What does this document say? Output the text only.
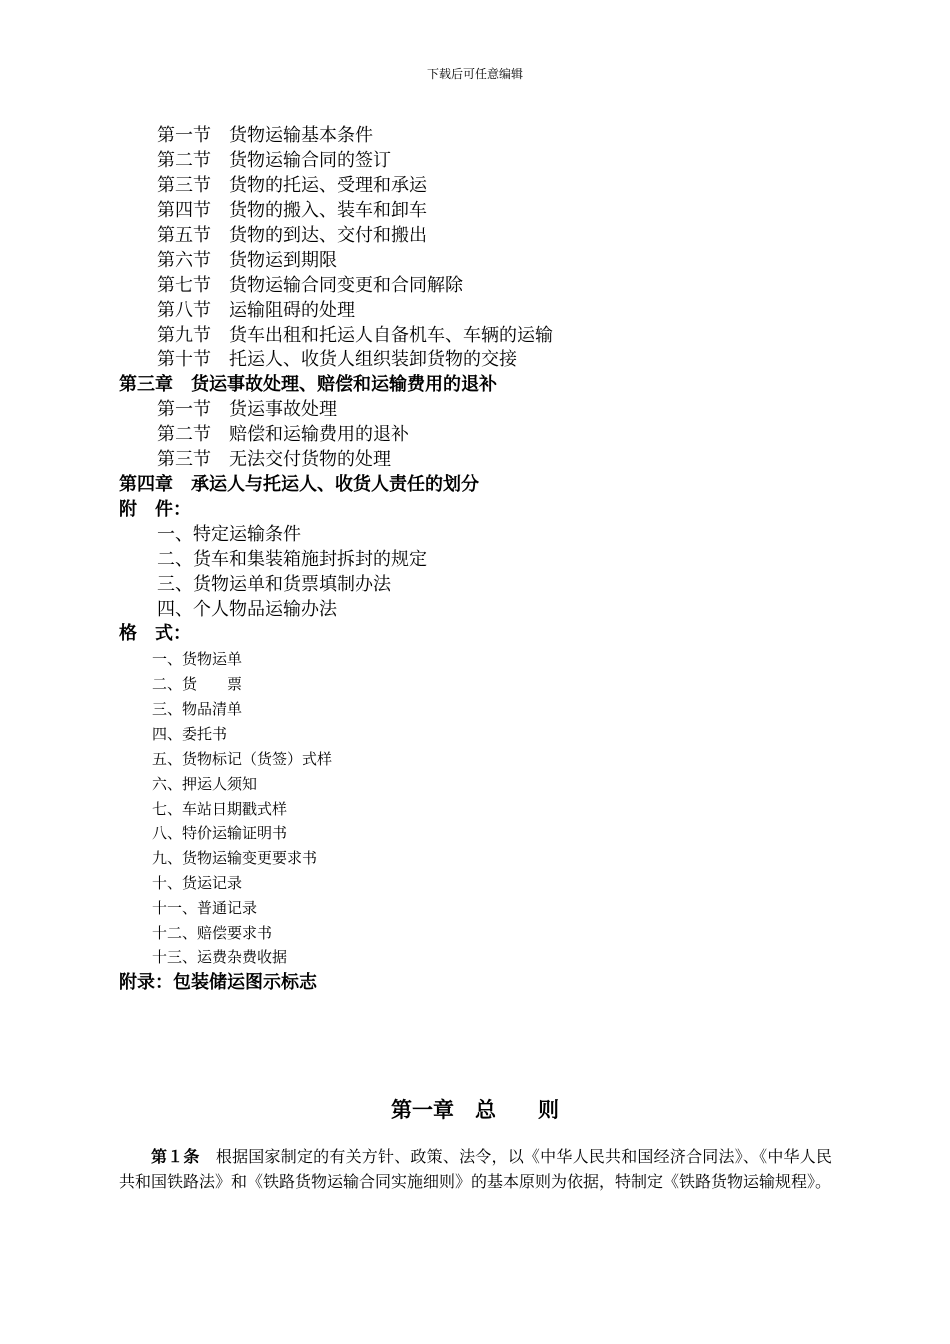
下载后可任意编辑
第一节　货物运输基本条件
第二节　货物运输合同的签订
第三节　货物的托运、受理和承运
第四节　货物的搬入、装车和卸车
第五节　货物的到达、交付和搬出
第六节　货物运到期限
第七节　货物运输合同变更和合同解除
第八节　运输阻碍的处理
第九节　货车出租和托运人自备机车、车辆的运输
第十节　托运人、收货人组织装卸货物的交接
第三章　货运事故处理、赔偿和运输费用的退补
第一节　货运事故处理
第二节　赔偿和运输费用的退补
第三节　无法交付货物的处理
第四章　承运人与托运人、收货人责任的划分
附　件：
一、特定运输条件
二、货车和集装箱施封拆封的规定
三、货物运单和货票填制办法
四、个人物品运输办法
格　式：
一、货物运单
二、货　　票
三、物品清单
四、委托书
五、货物标记（货签）式样
六、押运人须知
七、车站日期戳式样
八、特价运输证明书
九、货物运输变更要求书
十、货运记录
十一、普通记录
十二、赔偿要求书
十三、运费杂费收据
附录：包装储运图示标志
第一章　总　　则
第１条　根据国家制定的有关方针、政策、法令，以《中华人民共和国经济合同法》、《中华人民共和国铁路法》和《铁路货物运输合同实施细则》的基本原则为依据，特制定《铁路货物运输规程》。
